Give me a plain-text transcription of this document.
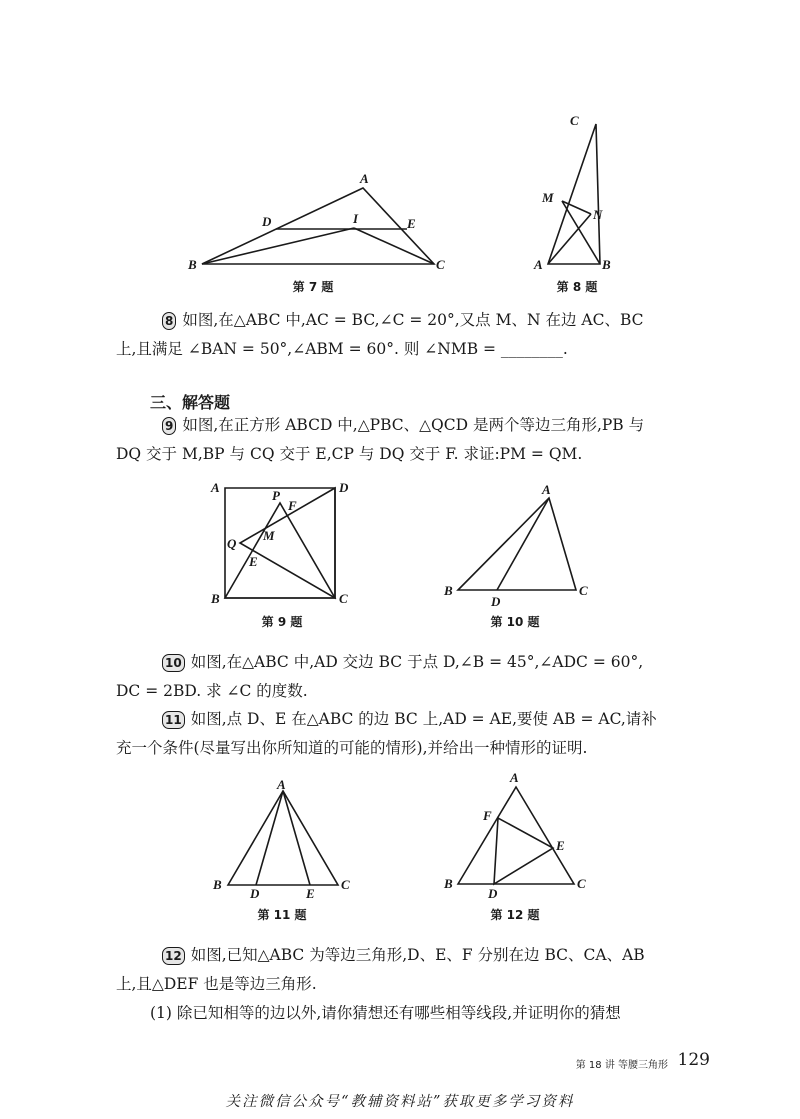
A
B	C
D	E
I
第 7 题
C
M
N
A	B
第 8 题

8 如图,在△ABC 中,AC = BC,∠C = 20°,又点 M、N 在边 AC、BC

上,且满足 ∠BAN = 50°,∠ABM = 60°. 则 ∠NMB = ________.

三、解答题

9 如图,在正方形 ABCD 中,△PBC、△QCD 是两个等边三角形,PB 与

DQ 交于 M,BP 与 CQ 交于 E,CP 与 DQ 交于 F. 求证:PM = QM.

A	D
B	C
P
F
M
Q
E
第 9 题
A
B	C
D
第 10 题

10 如图,在△ABC 中,AD 交边 BC 于点 D,∠B = 45°,∠ADC = 60°,

DC = 2BD. 求 ∠C 的度数.

11 如图,点 D、E 在△ABC 的边 BC 上,AD = AE,要使 AB = AC,请补

充一个条件(尽量写出你所知道的可能的情形),并给出一种情形的证明.

A
B	C
D	E
第 11 题
A
B	C
D
E
F
第 12 题

12 如图,已知△ABC 为等边三角形,D、E、F 分别在边 BC、CA、AB

上,且△DEF 也是等边三角形.

(1) 除已知相等的边以外,请你猜想还有哪些相等线段,并证明你的猜想

第 18 讲 等腰三角形 129
关注微信公众号“教辅资料站”获取更多学习资料
